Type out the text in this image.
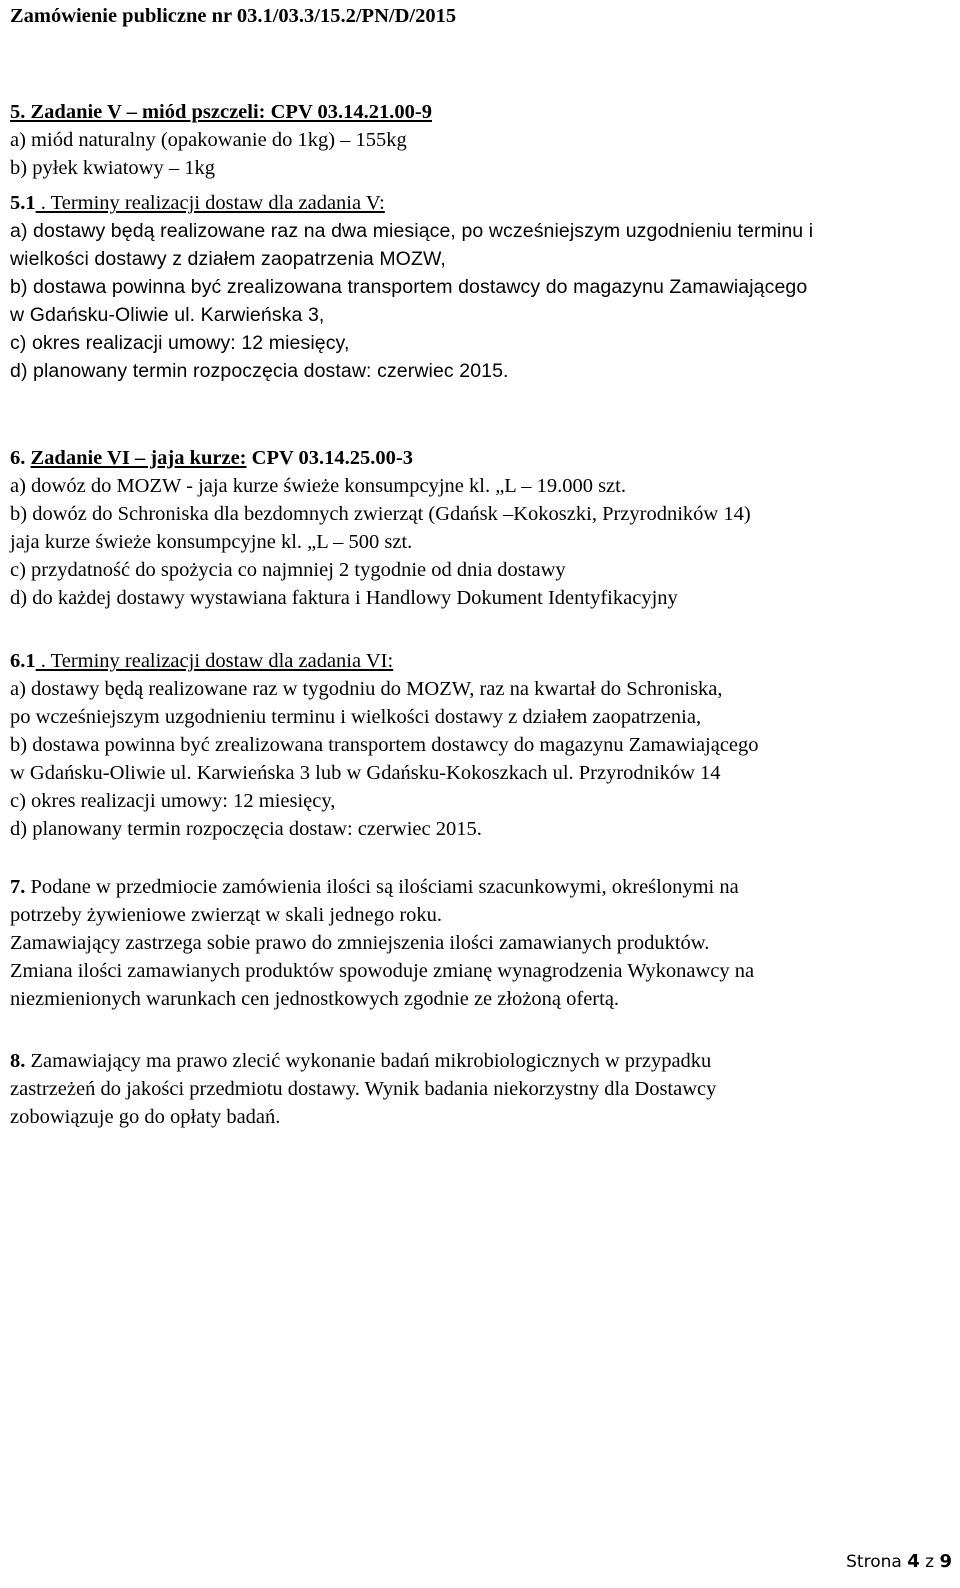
Zamówienie publiczne nr 03.1/03.3/15.2/PN/D/2015
5. Zadanie V – miód pszczeli: CPV 03.14.21.00-9
a) miód naturalny (opakowanie do 1kg) – 155kg
b) pyłek kwiatowy – 1kg
5.1 . Terminy realizacji dostaw dla zadania V:
a) dostawy będą realizowane raz na dwa miesiące, po wcześniejszym uzgodnieniu terminu i
wielkości dostawy z działem zaopatrzenia MOZW,
b) dostawa powinna być zrealizowana transportem dostawcy do magazynu Zamawiającego
w Gdańsku-Oliwie ul. Karwieńska 3,
c) okres realizacji umowy: 12 miesięcy,
d) planowany termin rozpoczęcia dostaw: czerwiec 2015.
6. Zadanie VI – jaja kurze: CPV 03.14.25.00-3
a) dowóz do MOZW - jaja kurze świeże konsumpcyjne kl. „L – 19.000 szt.
b) dowóz do Schroniska dla bezdomnych zwierząt (Gdańsk –Kokoszki, Przyrodników 14)
jaja kurze świeże konsumpcyjne kl. „L – 500 szt.
c) przydatność do spożycia co najmniej 2 tygodnie od dnia dostawy
d) do każdej dostawy wystawiana faktura i Handlowy Dokument Identyfikacyjny
6.1 . Terminy realizacji dostaw dla zadania VI:
a) dostawy będą realizowane raz w tygodniu do MOZW, raz na kwartał do Schroniska,
po wcześniejszym uzgodnieniu terminu i wielkości dostawy z działem zaopatrzenia,
b) dostawa powinna być zrealizowana transportem dostawcy do magazynu Zamawiającego
w Gdańsku-Oliwie ul. Karwieńska 3 lub w Gdańsku-Kokoszkach ul. Przyrodników 14
c) okres realizacji umowy: 12 miesięcy,
d) planowany termin rozpoczęcia dostaw: czerwiec 2015.
7. Podane w przedmiocie zamówienia ilości są ilościami szacunkowymi, określonymi na
potrzeby żywieniowe zwierząt w skali jednego roku.
Zamawiający zastrzega sobie prawo do zmniejszenia ilości zamawianych produktów.
Zmiana ilości zamawianych produktów spowoduje zmianę wynagrodzenia Wykonawcy na
niezmienionych warunkach cen jednostkowych zgodnie ze złożoną ofertą.
8. Zamawiający ma prawo zlecić wykonanie badań mikrobiologicznych w przypadku
zastrzeżeń do jakości przedmiotu dostawy. Wynik badania niekorzystny dla Dostawcy
zobowiązuje go do opłaty badań.
Strona 4 z 9
